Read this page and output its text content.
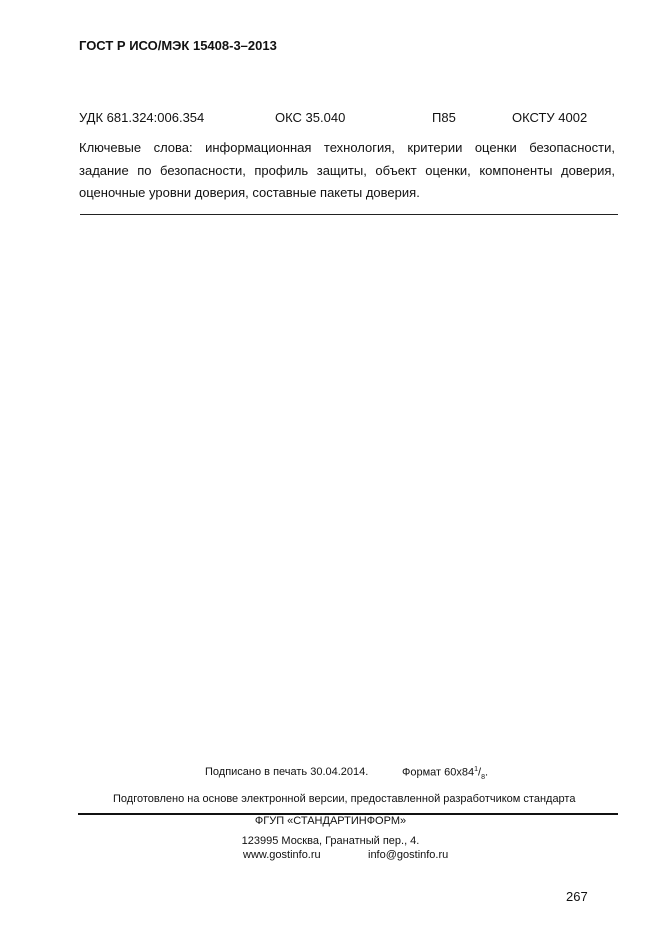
ГОСТ Р ИСО/МЭК 15408-3–2013
УДК 681.324:006.354	ОКС 35.040	П85	ОКСТУ 4002
Ключевые слова: информационная технология, критерии оценки безопасности, задание по безопасности, профиль защиты, объект оценки, компоненты доверия, оценочные уровни доверия, составные пакеты доверия.
Подписано в печать 30.04.2014.	Формат $60x84^1/_8$.
Подготовлено на основе электронной версии, предоставленной разработчиком стандарта
ФГУП «СТАНДАРТИНФОРМ»
123995 Москва, Гранатный пер., 4.
www.gostinfo.ru	info@gostinfo.ru
267
